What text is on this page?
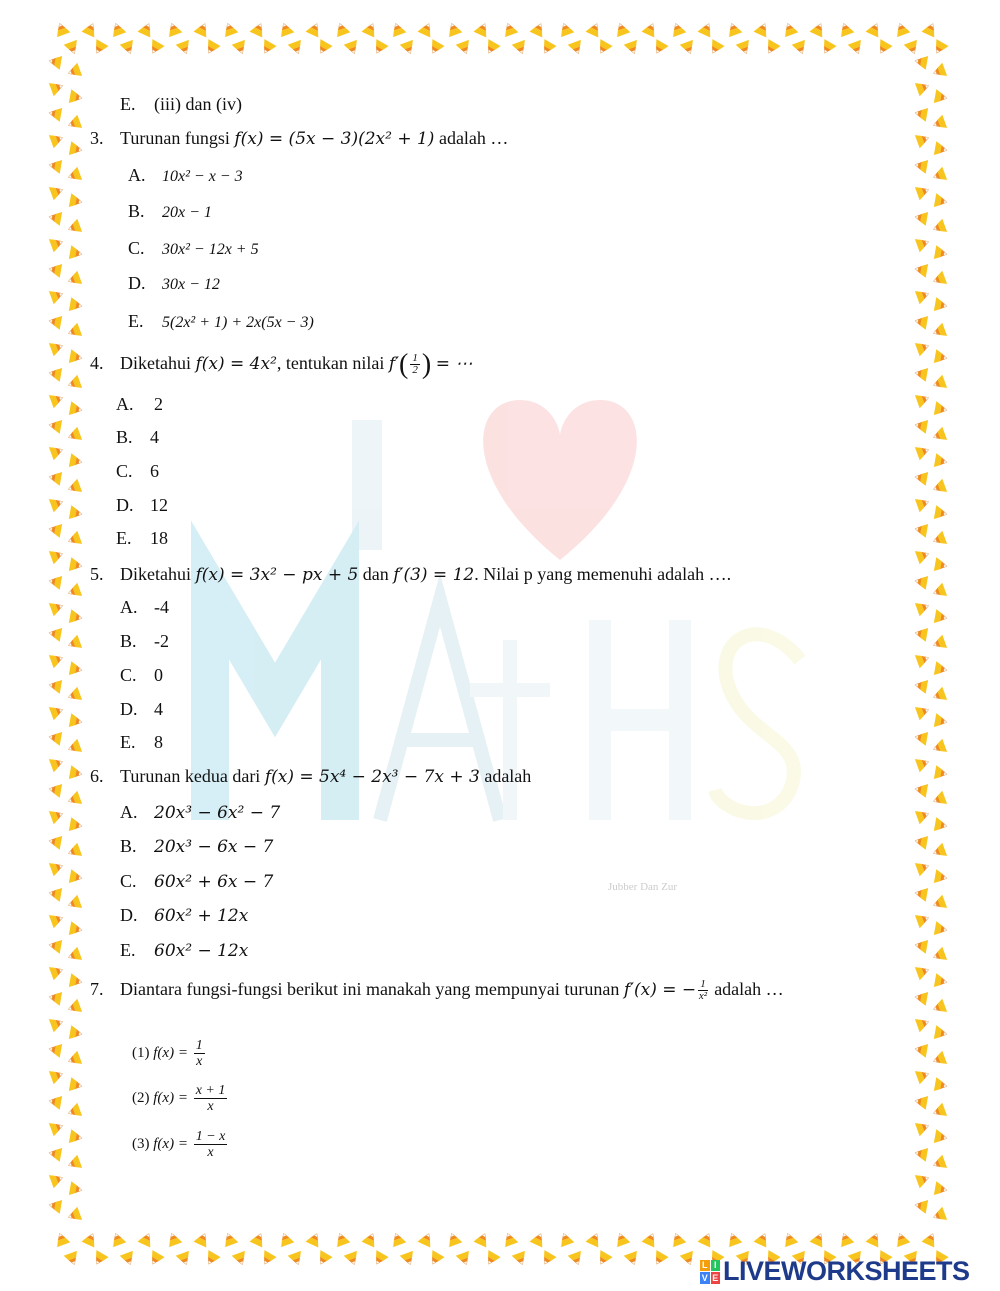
Jubber Dan Zur
E. (iii) dan (iv)
3. Turunan fungsi f(x) = (5x − 3)(2x² + 1) adalah …
A. 10x² − x − 3
B. 20x − 1
C. 30x² − 12x + 5
D. 30x − 12
E. 5(2x² + 1) + 2x(5x − 3)
4. Diketahui f(x) = 4x², tentukan nilai $f'( \frac{1}{2}$ ) = ⋯
A. 2
B. 4
C. 6
D. 12
E. 18
5. Diketahui f(x) = 3x² − px + 5 dan f′(3) = 12. Nilai p yang memenuhi adalah ….
A. -4
B. -2
C. 0
D. 4
E. 8
6. Turunan kedua dari f(x) = 5x⁴ − 2x³ − 7x + 3 adalah
A. 20x³ − 6x² − 7
B. 20x³ − 6x − 7
C. 60x² + 6x − 7
D. 60x² + 12x
E. 60x² − 12x
7. Diantara fungsi-fungsi berikut ini manakah yang mempunyai turunan f′(x) = − $\frac{1}{\text{x²}}$ adalah …
(1) $f(x) = \frac{1}{x}$
(2) $f(x) = \frac{x + 1}{x}$
(3) $f(x) = \frac{1 - x}{x}$
L I
V E LIVEWORKSHEETS
